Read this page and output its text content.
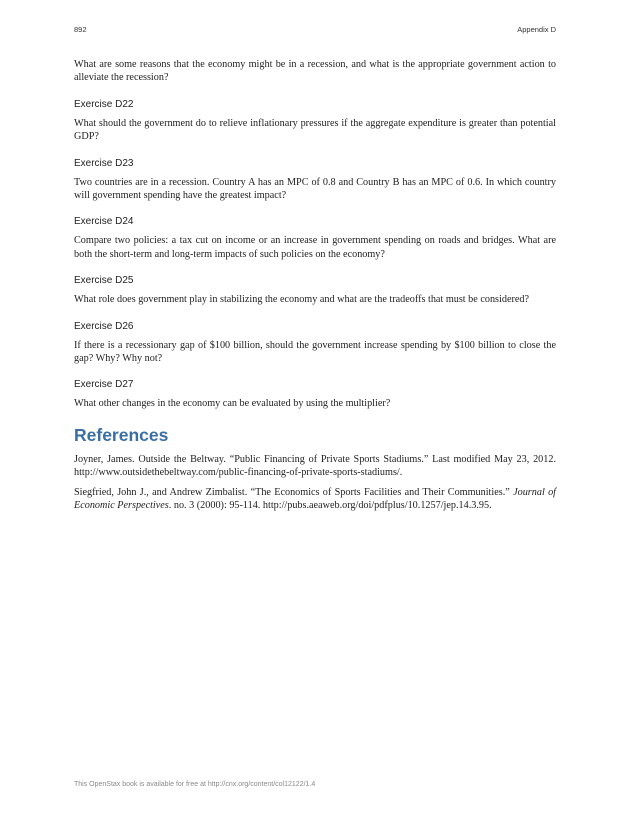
892	Appendix D

What are some reasons that the economy might be in a recession, and what is the appropriate government action to alleviate the recession?

Exercise D22

What should the government do to relieve inflationary pressures if the aggregate expenditure is greater than potential GDP?

Exercise D23

Two countries are in a recession. Country A has an MPC of 0.8 and Country B has an MPC of 0.6. In which country will government spending have the greatest impact?

Exercise D24

Compare two policies: a tax cut on income or an increase in government spending on roads and bridges. What are both the short-term and long-term impacts of such policies on the economy?

Exercise D25

What role does government play in stabilizing the economy and what are the tradeoffs that must be considered?

Exercise D26

If there is a recessionary gap of $100 billion, should the government increase spending by $100 billion to close the gap? Why? Why not?

Exercise D27

What other changes in the economy can be evaluated by using the multiplier?

References

Joyner, James. Outside the Beltway. “Public Financing of Private Sports Stadiums.” Last modified May 23, 2012. http://www.outsidethebeltway.com/public-financing-of-private-sports-stadiums/.

Siegfried, John J., and Andrew Zimbalist. “The Economics of Sports Facilities and Their Communities.” Journal of Economic Perspectives. no. 3 (2000): 95-114. http://pubs.aeaweb.org/doi/pdfplus/10.1257/jep.14.3.95.

This OpenStax book is available for free at http://cnx.org/content/col12122/1.4
